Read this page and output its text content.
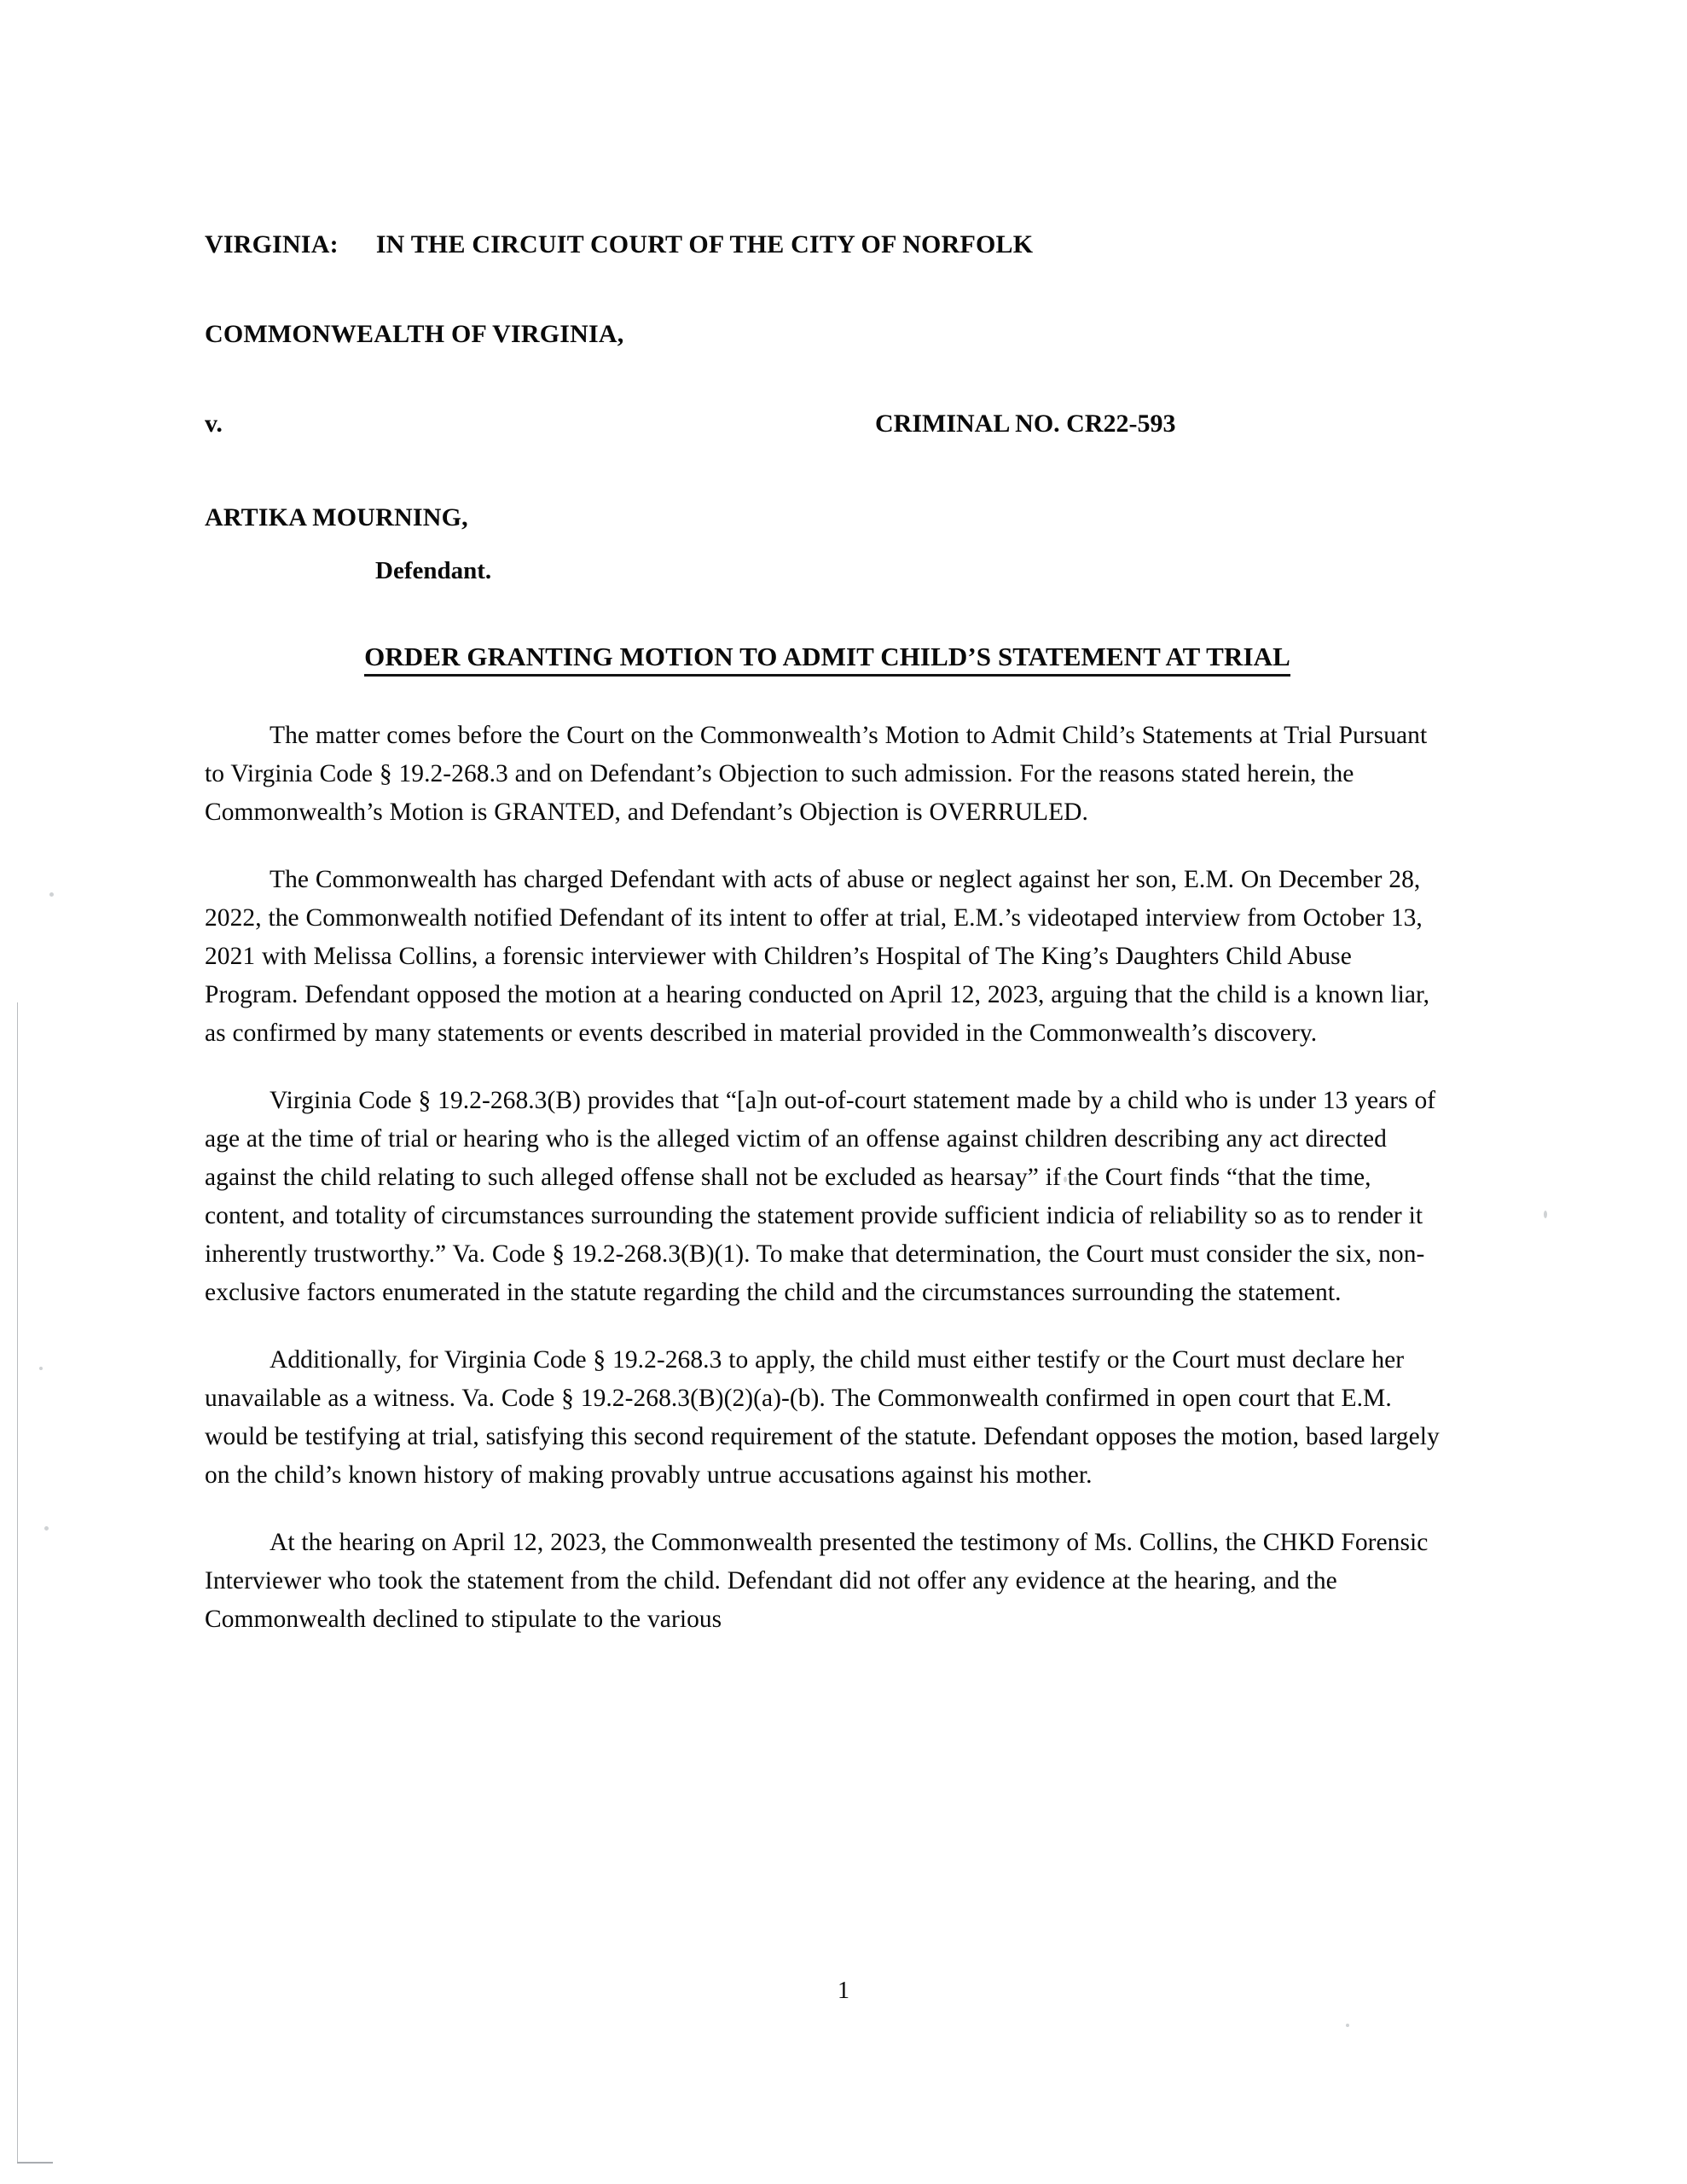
VIRGINIA: IN THE CIRCUIT COURT OF THE CITY OF NORFOLK
COMMONWEALTH OF VIRGINIA,
v.	CRIMINAL NO. CR22-593
ARTIKA MOURNING,
Defendant.
ORDER GRANTING MOTION TO ADMIT CHILD’S STATEMENT AT TRIAL

The matter comes before the Court on the Commonwealth’s Motion to Admit Child’s Statements at Trial Pursuant to Virginia Code § 19.2-268.3 and on Defendant’s Objection to such admission. For the reasons stated herein, the Commonwealth’s Motion is GRANTED, and Defendant’s Objection is OVERRULED.

The Commonwealth has charged Defendant with acts of abuse or neglect against her son, E.M. On December 28, 2022, the Commonwealth notified Defendant of its intent to offer at trial, E.M.’s videotaped interview from October 13, 2021 with Melissa Collins, a forensic interviewer with Children’s Hospital of The King’s Daughters Child Abuse Program. Defendant opposed the motion at a hearing conducted on April 12, 2023, arguing that the child is a known liar, as confirmed by many statements or events described in material provided in the Commonwealth’s discovery.

Virginia Code § 19.2-268.3(B) provides that “[a]n out-of-court statement made by a child who is under 13 years of age at the time of trial or hearing who is the alleged victim of an offense against children describing any act directed against the child relating to such alleged offense shall not be excluded as hearsay” if the Court finds “that the time, content, and totality of circumstances surrounding the statement provide sufficient indicia of reliability so as to render it inherently trustworthy.” Va. Code § 19.2-268.3(B)(1). To make that determination, the Court must consider the six, non-exclusive factors enumerated in the statute regarding the child and the circumstances surrounding the statement.

Additionally, for Virginia Code § 19.2-268.3 to apply, the child must either testify or the Court must declare her unavailable as a witness. Va. Code § 19.2-268.3(B)(2)(a)-(b). The Commonwealth confirmed in open court that E.M. would be testifying at trial, satisfying this second requirement of the statute. Defendant opposes the motion, based largely on the child’s known history of making provably untrue accusations against his mother.

At the hearing on April 12, 2023, the Commonwealth presented the testimony of Ms. Collins, the CHKD Forensic Interviewer who took the statement from the child. Defendant did not offer any evidence at the hearing, and the Commonwealth declined to stipulate to the various

1
